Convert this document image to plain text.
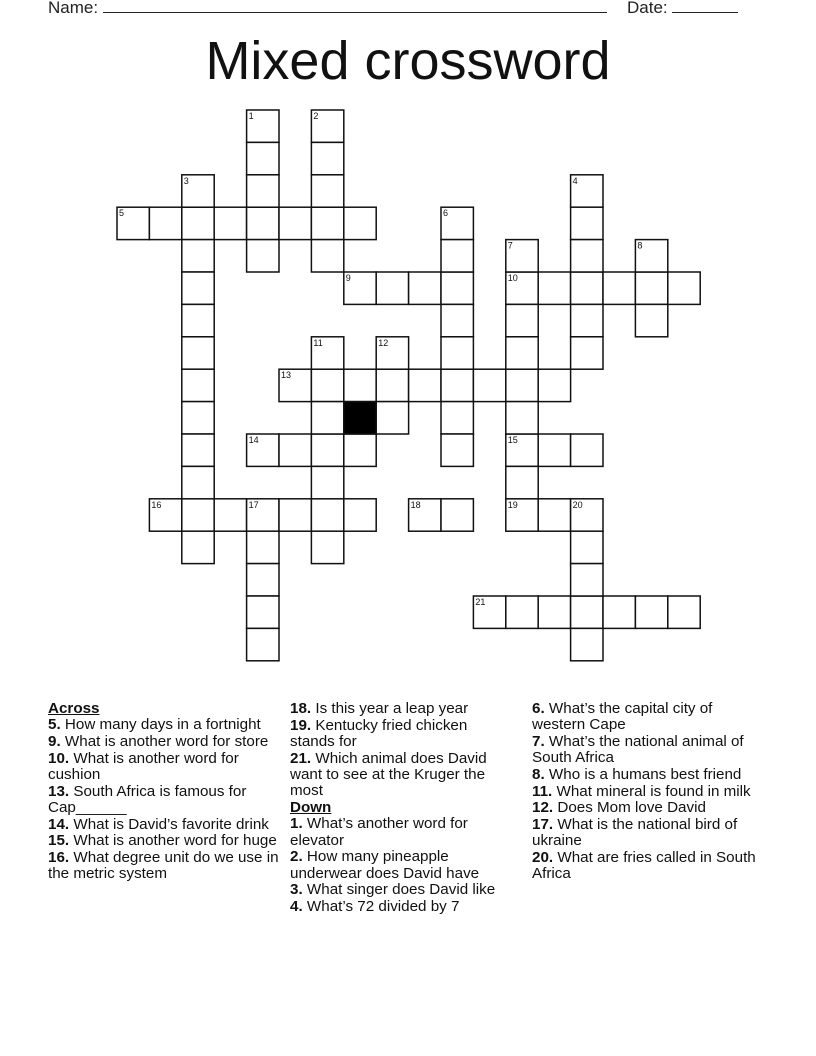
Name:	Date:
Mixed crossword
5
9	10
13
14	15
16	18	19
21
1	2
3	4
6
7	8
11	12
17	20
Across
5. How many days in a fortnight
9. What is another word for store
10. What is another word for cushion
13. South Africa is famous for Cap______
14. What is David’s favorite drink
15. What is another word for huge
16. What degree unit do we use in the metric system
18. Is this year a leap year
19. Kentucky fried chicken stands for
21. Which animal does David want to see at the Kruger the most
Down
1. What’s another word for elevator
2. How many pineapple underwear does David have
3. What singer does David like
4. What’s 72 divided by 7
6. What’s the capital city of western Cape
7. What’s the national animal of South Africa
8. Who is a humans best friend
11. What mineral is found in milk
12. Does Mom love David
17. What is the national bird of ukraine
20. What are fries called in South Africa
